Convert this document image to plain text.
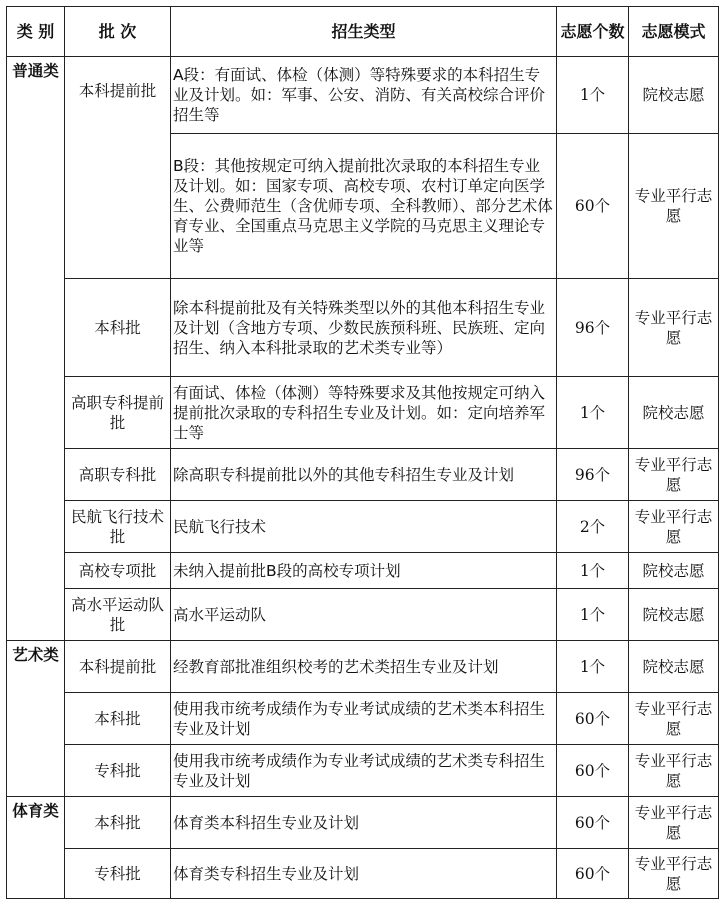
类 别	批 次	招生类型	志愿个数	志愿模式
普通类	本科提前批	A段：有面试、体检（体测）等特殊要求的本科招生专业及计划。如：军事、公安、消防、有关高校综合评价招生等	1个	院校志愿
		B段：其他按规定可纳入提前批次录取的本科招生专业及计划。如：国家专项、高校专项、农村订单定向医学生、公费师范生（含优师专项、全科教师）、部分艺术体育专业、全国重点马克思主义学院的马克思主义理论专业等	60个	专业平行志愿
	本科批	除本科提前批及有关特殊类型以外的其他本科招生专业及计划（含地方专项、少数民族预科班、民族班、定向招生、纳入本科批录取的艺术类专业等）	96个	专业平行志愿
	高职专科提前批	有面试、体检（体测）等特殊要求及其他按规定可纳入提前批次录取的专科招生专业及计划。如：定向培养军士等	1个	院校志愿
	高职专科批	除高职专科提前批以外的其他专科招生专业及计划	96个	专业平行志愿
	民航飞行技术批	民航飞行技术	2个	专业平行志愿
	高校专项批	未纳入提前批B段的高校专项计划	1个	院校志愿
	高水平运动队批	高水平运动队	1个	院校志愿
艺术类	本科提前批	经教育部批准组织校考的艺术类招生专业及计划	1个	院校志愿
	本科批	使用我市统考成绩作为专业考试成绩的艺术类本科招生专业及计划	60个	专业平行志愿
	专科批	使用我市统考成绩作为专业考试成绩的艺术类专科招生专业及计划	60个	专业平行志愿
体育类	本科批	体育类本科招生专业及计划	60个	专业平行志愿
	专科批	体育类专科招生专业及计划	60个	专业平行志愿
